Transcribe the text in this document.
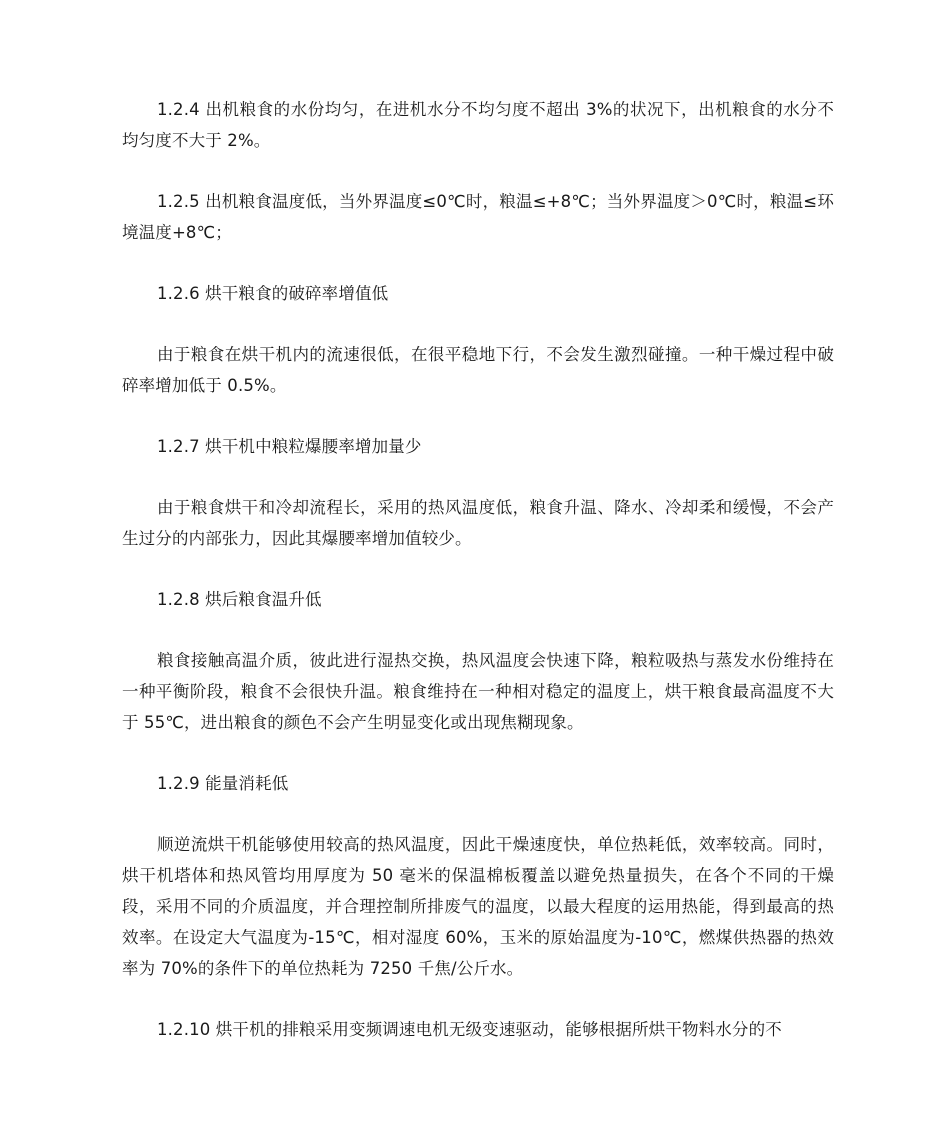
1.2.4 出机粮食的水份均匀，在进机水分不均匀度不超出 3%的状况下，出机粮食的水分不均匀度不大于 2%。

1.2.5 出机粮食温度低，当外界温度≤0℃时，粮温≤+8℃；当外界温度＞0℃时，粮温≤环境温度+8℃；

1.2.6 烘干粮食的破碎率增值低

由于粮食在烘干机内的流速很低，在很平稳地下行，不会发生激烈碰撞。一种干燥过程中破碎率增加低于 0.5%。

1.2.7 烘干机中粮粒爆腰率增加量少

由于粮食烘干和冷却流程长，采用的热风温度低，粮食升温、降水、冷却柔和缓慢，不会产生过分的内部张力，因此其爆腰率增加值较少。

1.2.8 烘后粮食温升低

粮食接触高温介质，彼此进行湿热交换，热风温度会快速下降，粮粒吸热与蒸发水份维持在一种平衡阶段，粮食不会很快升温。粮食维持在一种相对稳定的温度上，烘干粮食最高温度不大于 55℃，进出粮食的颜色不会产生明显变化或出现焦糊现象。

1.2.9 能量消耗低

顺逆流烘干机能够使用较高的热风温度，因此干燥速度快，单位热耗低，效率较高。同时，烘干机塔体和热风管均用厚度为 50 毫米的保温棉板覆盖以避免热量损失，在各个不同的干燥段，采用不同的介质温度，并合理控制所排废气的温度，以最大程度的运用热能，得到最高的热效率。在设定大气温度为-15℃，相对湿度 60%，玉米的原始温度为-10℃，燃煤供热器的热效率为 70%的条件下的单位热耗为 7250 千焦/公斤水。

1.2.10 烘干机的排粮采用变频调速电机无级变速驱动，能够根据所烘干物料水分的不
